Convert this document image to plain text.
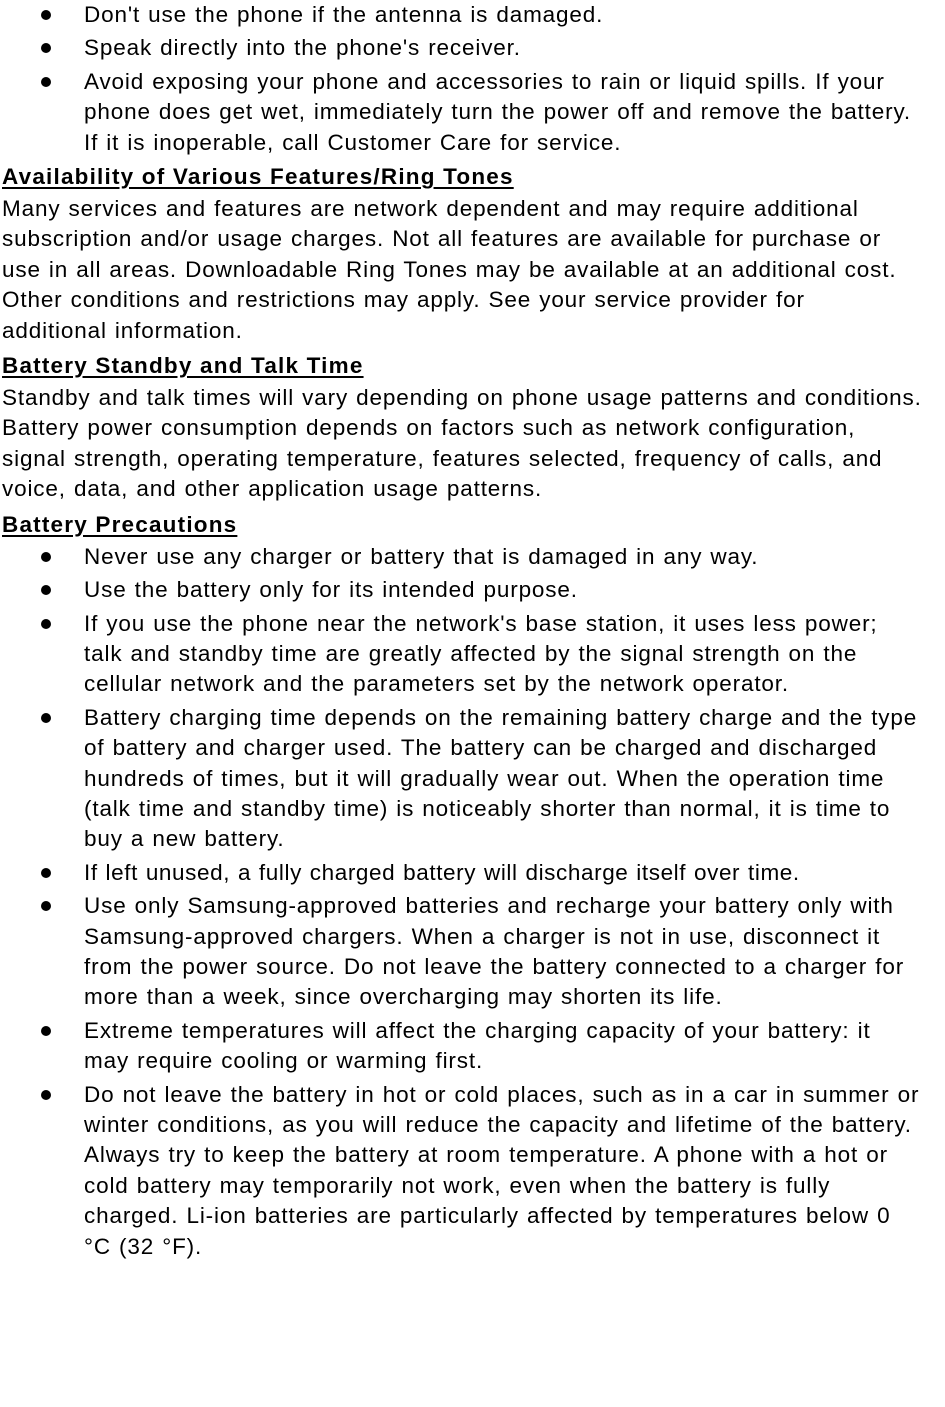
Don't use the phone if the antenna is damaged.
Speak directly into the phone's receiver.
Avoid exposing your phone and accessories to rain or liquid spills. If your phone does get wet, immediately turn the power off and remove the battery. If it is inoperable, call Customer Care for service.
Availability of Various Features/Ring Tones

Many services and features are network dependent and may require additional subscription and/or usage charges. Not all features are available for purchase or use in all areas. Downloadable Ring Tones may be available at an additional cost. Other conditions and restrictions may apply. See your service provider for additional information.

Battery Standby and Talk Time

Standby and talk times will vary depending on phone usage patterns and conditions. Battery power consumption depends on factors such as network configuration, signal strength, operating temperature, features selected, frequency of calls, and voice, data, and other application usage patterns.

Battery Precautions
Never use any charger or battery that is damaged in any way.
Use the battery only for its intended purpose.
If you use the phone near the network's base station, it uses less power; talk and standby time are greatly affected by the signal strength on the cellular network and the parameters set by the network operator.
Battery charging time depends on the remaining battery charge and the type of battery and charger used. The battery can be charged and discharged hundreds of times, but it will gradually wear out. When the operation time (talk time and standby time) is noticeably shorter than normal, it is time to buy a new battery.
If left unused, a fully charged battery will discharge itself over time.
Use only Samsung-approved batteries and recharge your battery only with Samsung-approved chargers. When a charger is not in use, disconnect it from the power source. Do not leave the battery connected to a charger for more than a week, since overcharging may shorten its life.
Extreme temperatures will affect the charging capacity of your battery: it may require cooling or warming first.
Do not leave the battery in hot or cold places, such as in a car in summer or winter conditions, as you will reduce the capacity and lifetime of the battery. Always try to keep the battery at room temperature. A phone with a hot or cold battery may temporarily not work, even when the battery is fully charged. Li-ion batteries are particularly affected by temperatures below 0 °C (32 °F).
